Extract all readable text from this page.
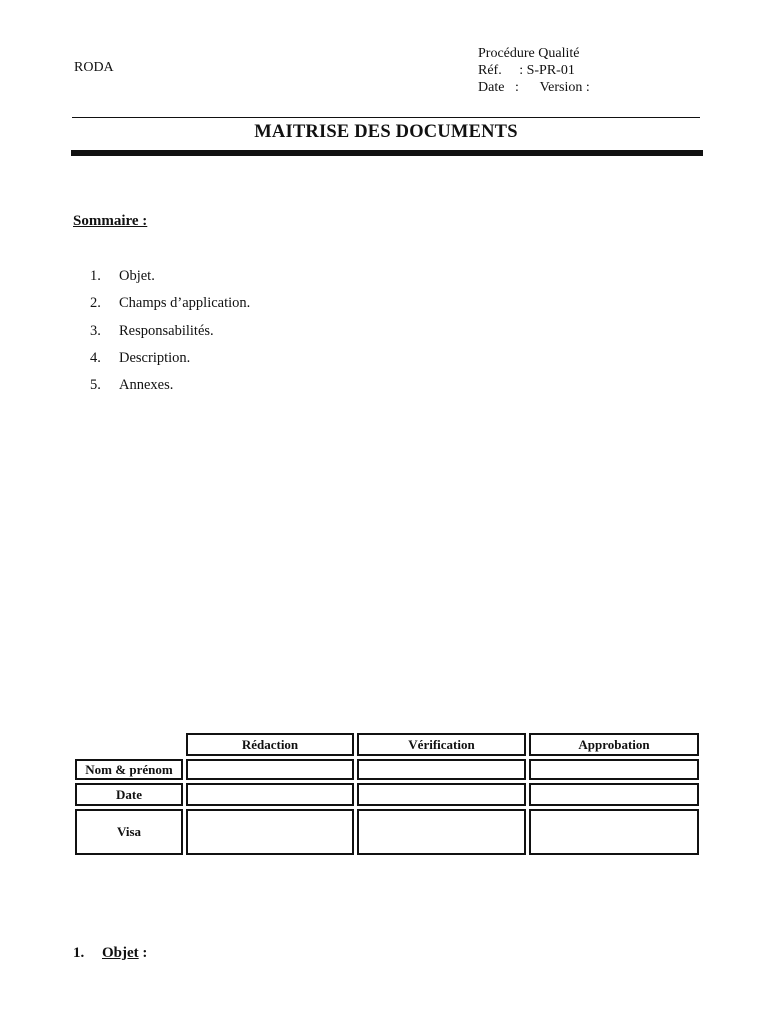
RODA
Procédure Qualité
Réf. : S-PR-01
Date : Version :
MAITRISE DES DOCUMENTS
Sommaire :
1. Objet.
2. Champs d’application.
3. Responsabilités.
4. Description.
5. Annexes.
	Rédaction	Vérification	Approbation
Nom & prénom			
Date			
Visa			
1. Objet :
